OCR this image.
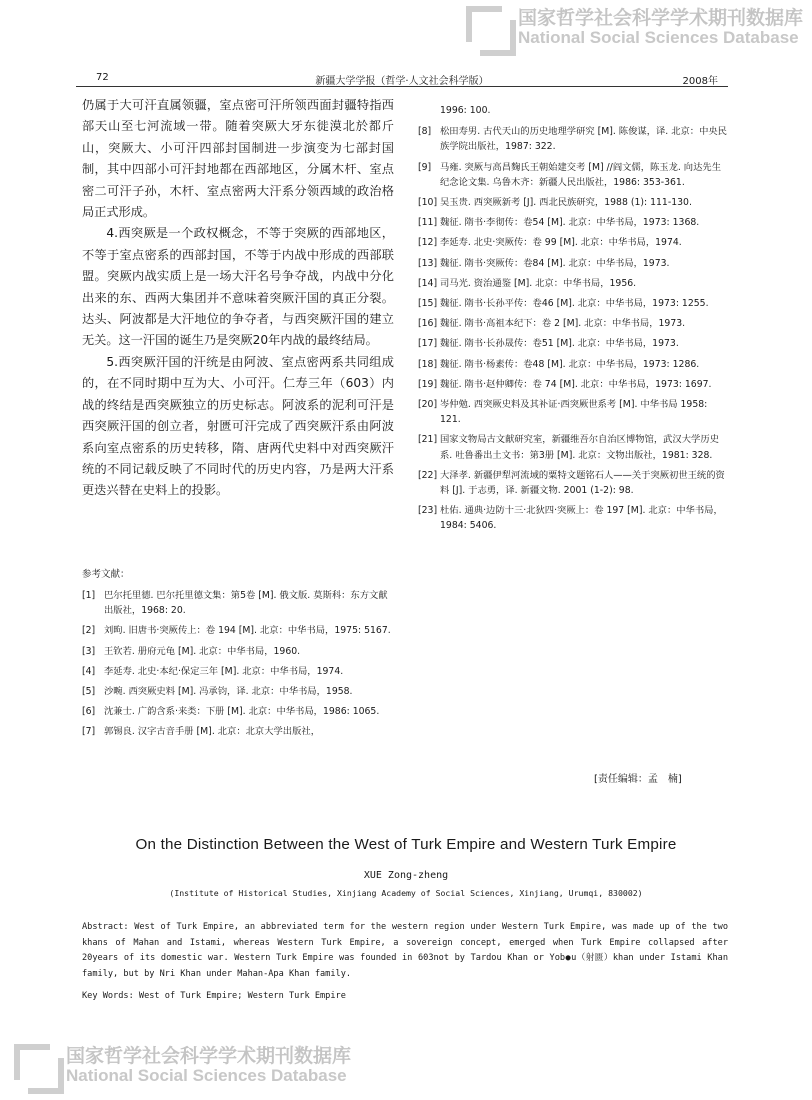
国家哲学社会科学学术期刊数据库
National Social Sciences Database
国家哲学社会科学学术期刊数据库
National Social Sciences Database
72	新疆大学学报（哲学·人文社会科学版）	2008年

仍属于大可汗直属领疆，室点密可汗所领西面封疆特指西部天山至七河流域一带。随着突厥大牙东徙漠北於都斤山，突厥大、小可汗四部封国制进一步演变为七部封国制，其中四部小可汗封地都在西部地区，分属木杆、室点密二可汗子孙，木杆、室点密两大汗系分领西域的政治格局正式形成。

4.西突厥是一个政权概念，不等于突厥的西部地区，不等于室点密系的西部封国，不等于内战中形成的西部联盟。突厥内战实质上是一场大汗名号争夺战，内战中分化出来的东、西两大集团并不意味着突厥汗国的真正分裂。达头、阿波都是大汗地位的争夺者，与西突厥汗国的建立无关。这一汗国的诞生乃是突厥20年内战的最终结局。

5.西突厥汗国的汗统是由阿波、室点密两系共同组成的，在不同时期中互为大、小可汗。仁寿三年（603）内战的终结是西突厥独立的历史标志。阿波系的泥利可汗是西突厥汗国的创立者，射匮可汗完成了西突厥汗系由阿波系向室点密系的历史转移，隋、唐两代史料中对西突厥汗统的不同记载反映了不同时代的历史内容，乃是两大汗系更迭兴替在史料上的投影。

参考文献：
[1] 巴尔托里德. 巴尔托里德文集：第5卷 [M]. 俄文版. 莫斯科：东方文献出版社，1968: 20.
[2] 刘昫. 旧唐书·突厥传上：卷 194 [M]. 北京：中华书局，1975: 5167.
[3] 王钦若. 册府元龟 [M]. 北京：中华书局，1960.
[4] 李延寿. 北史·本纪·保定三年 [M]. 北京：中华书局，1974.
[5] 沙畹. 西突厥史料 [M]. 冯承钧，译. 北京：中华书局，1958.
[6] 沈兼士. 广韵含系·来类：下册 [M]. 北京：中华书局，1986: 1065.
[7] 郭锡良. 汉字古音手册 [M]. 北京：北京大学出版社，
1996: 100.
[8] 松田寿男. 古代天山的历史地理学研究 [M]. 陈俊谋，译. 北京：中央民族学院出版社，1987: 322.
[9] 马雍. 突厥与高昌麴氏王朝始建交考 [M] //阎文儒，陈玉龙. 向达先生纪念论文集. 乌鲁木齐：新疆人民出版社，1986: 353-361.
[10] 吴玉贵. 西突厥新考 [J]. 西北民族研究，1988 (1): 111-130.
[11] 魏征. 隋书·李彻传：卷54 [M]. 北京：中华书局，1973: 1368.
[12] 李延寿. 北史·突厥传：卷 99 [M]. 北京：中华书局，1974.
[13] 魏征. 隋书·突厥传：卷84 [M]. 北京：中华书局，1973.
[14] 司马光. 资治通鉴 [M]. 北京：中华书局，1956.
[15] 魏征. 隋书·长孙平传：卷46 [M]. 北京：中华书局，1973: 1255.
[16] 魏征. 隋书·高祖本纪下：卷 2 [M]. 北京：中华书局，1973.
[17] 魏征. 隋书·长孙晟传：卷51 [M]. 北京：中华书局，1973.
[18] 魏征. 隋书·杨素传：卷48 [M]. 北京：中华书局，1973: 1286.
[19] 魏征. 隋书·赵仲卿传：卷 74 [M]. 北京：中华书局，1973: 1697.
[20] 岑仲勉. 西突厥史料及其补证·西突厥世系考 [M]. 中华书局 1958: 121.
[21] 国家文物局古文献研究室，新疆维吾尔自治区博物馆，武汉大学历史系. 吐鲁番出土文书：第3册 [M]. 北京：文物出版社，1981: 328.
[22] 大泽孝. 新疆伊犁河流域的粟特文题铭石人——关于突厥初世王统的资料 [J]. 于志勇，译. 新疆文物. 2001 (1-2): 98.
[23] 杜佑. 通典·边防十三·北狄四·突厥上：卷 197 [M]. 北京：中华书局，1984: 5406.
[责任编辑：孟　楠]
On the Distinction Between the West of Turk Empire and Western Turk Empire
XUE Zong-zheng
(Institute of Historical Studies, Xinjiang Academy of Social Sciences, Xinjiang, Urumqi, 830002)
Abstract: West of Turk Empire, an abbreviated term for the western region under Western Turk Empire, was made up of the two khans of Mahan and Istami, whereas Western Turk Empire, a sovereign concept, emerged when Turk Empire collapsed after 20years of its domestic war. Western Turk Empire was founded in 603not by Tardou Khan or Yob●u（射匮）khan under Istami Khan family, but by Nri Khan under Mahan-Apa Khan family.
Key Words: West of Turk Empire; Western Turk Empire
